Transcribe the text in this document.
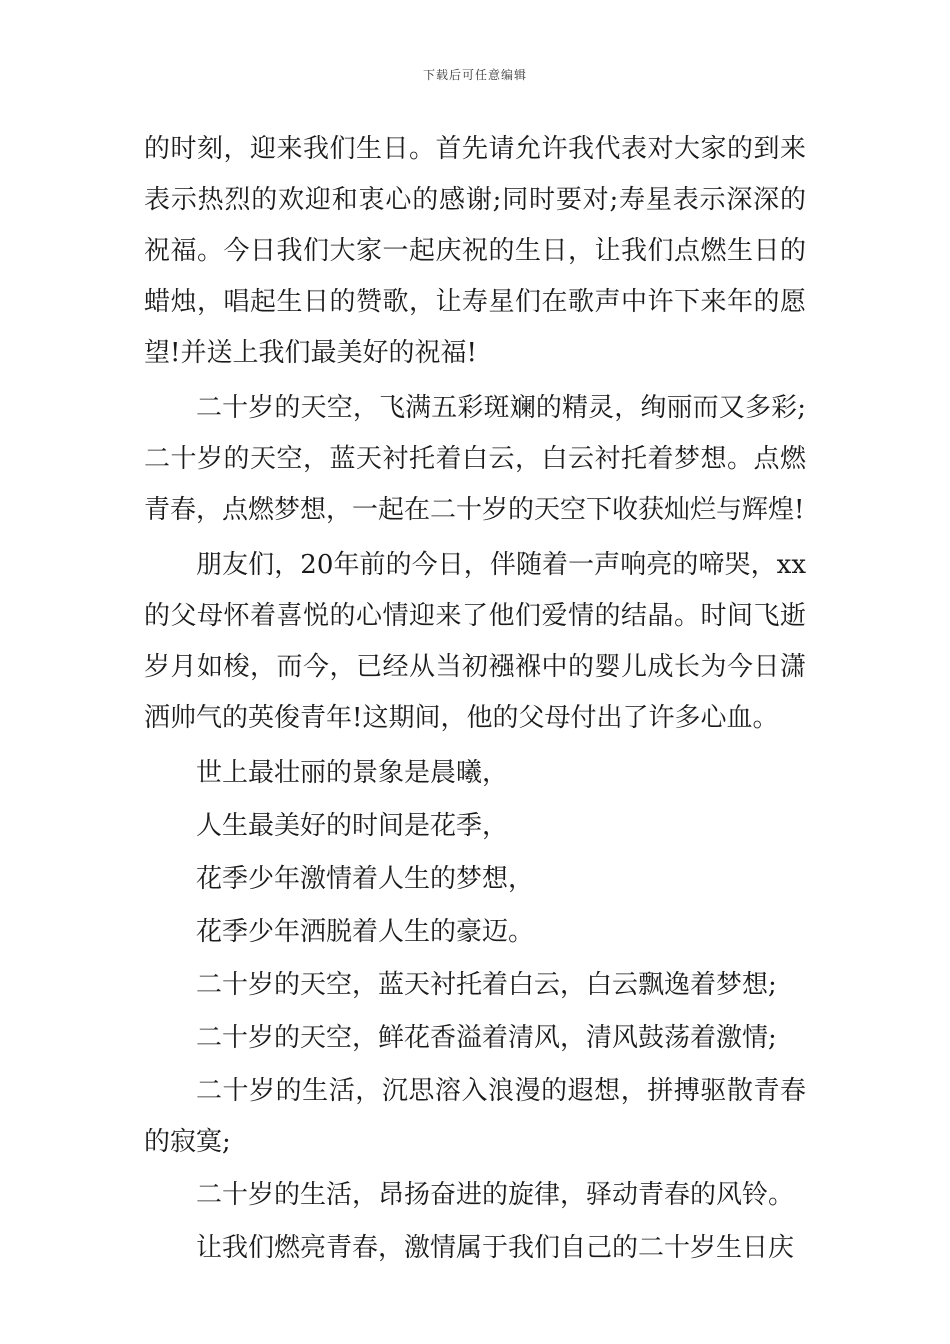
下载后可任意编辑

的时刻，迎来我们生日。首先请允许我代表对大家的到来表示热烈的欢迎和衷心的感谢;同时要对;寿星表示深深的祝福。今日我们大家一起庆祝的生日，让我们点燃生日的蜡烛，唱起生日的赞歌，让寿星们在歌声中许下来年的愿望!并送上我们最美好的祝福!

二十岁的天空，飞满五彩斑斓的精灵，绚丽而又多彩;二十岁的天空，蓝天衬托着白云，白云衬托着梦想。点燃青春，点燃梦想，一起在二十岁的天空下收获灿烂与辉煌!

朋友们，20年前的今日，伴随着一声响亮的啼哭，xx的父母怀着喜悦的心情迎来了他们爱情的结晶。时间飞逝岁月如梭，而今，已经从当初襁褓中的婴儿成长为今日潇洒帅气的英俊青年!这期间，他的父母付出了许多心血。

世上最壮丽的景象是晨曦，

人生最美好的时间是花季，

花季少年激情着人生的梦想，

花季少年洒脱着人生的豪迈。

二十岁的天空，蓝天衬托着白云，白云飘逸着梦想;

二十岁的天空，鲜花香溢着清风，清风鼓荡着激情;

二十岁的生活，沉思溶入浪漫的遐想，拼搏驱散青春的寂寞;

二十岁的生活，昂扬奋进的旋律，驿动青春的风铃。

让我们燃亮青春，激情属于我们自己的二十岁生日庆
